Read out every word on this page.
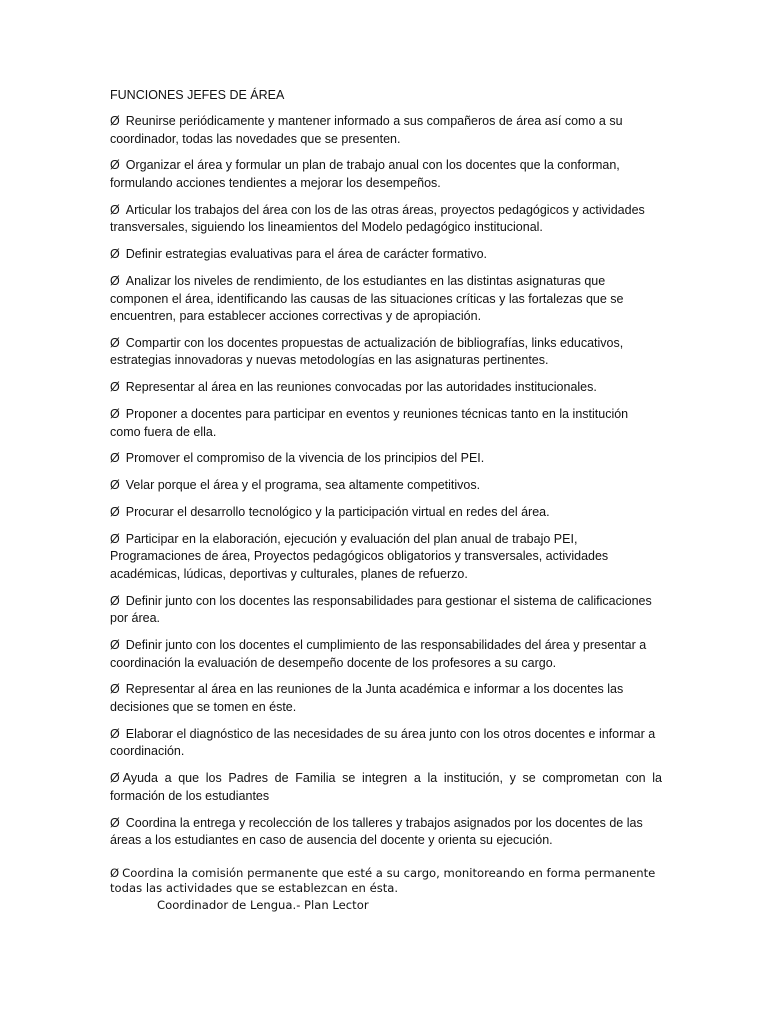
FUNCIONES JEFES DE ÁREA
Ø Reunirse periódicamente y mantener informado a sus compañeros de área así como a su coordinador, todas las novedades que se presenten.
Ø Organizar el área y formular un plan de trabajo anual con los docentes que la conforman, formulando acciones tendientes a mejorar los desempeños.
Ø Articular los trabajos del área con los de las otras áreas, proyectos pedagógicos y actividades transversales, siguiendo los lineamientos del Modelo pedagógico institucional.
Ø Definir estrategias evaluativas para el área de carácter formativo.
Ø Analizar los niveles de rendimiento, de los estudiantes en las distintas asignaturas que componen el área, identificando las causas de las situaciones críticas y las fortalezas que se encuentren, para establecer acciones correctivas y de apropiación.
Ø Compartir con los docentes propuestas de actualización de bibliografías, links educativos, estrategias innovadoras y nuevas metodologías en las asignaturas pertinentes.
Ø Representar al área en las reuniones convocadas por las autoridades institucionales.
Ø Proponer a docentes para participar en eventos y reuniones técnicas tanto en la institución como fuera de ella.
Ø Promover el compromiso de la vivencia de los principios del PEI.
Ø Velar porque el área y el programa, sea altamente competitivos.
Ø Procurar el desarrollo tecnológico y la participación virtual en redes del área.
Ø Participar en la elaboración, ejecución y evaluación del plan anual de trabajo PEI, Programaciones de área, Proyectos pedagógicos obligatorios y transversales, actividades académicas, lúdicas, deportivas y culturales, planes de refuerzo.
Ø Definir junto con los docentes las responsabilidades para gestionar el sistema de calificaciones por área.
Ø Definir junto con los docentes el cumplimiento de las responsabilidades del área y presentar a coordinación la evaluación de desempeño docente de los profesores a su cargo.
Ø Representar al área en las reuniones de la Junta académica e informar a los docentes las decisiones que se tomen en éste.
Ø Elaborar el diagnóstico de las necesidades de su área junto con los otros docentes e informar a coordinación.
Ø Ayuda a que los Padres de Familia se integren a la institución, y se comprometan con la formación de los estudiantes
Ø Coordina la entrega y recolección de los talleres y trabajos asignados por los docentes de las áreas a los estudiantes en caso de ausencia del docente y orienta su ejecución.
Ø Coordina la comisión permanente que esté a su cargo, monitoreando en forma permanente todas las actividades que se establezcan en ésta.
Coordinador de Lengua.- Plan Lector
